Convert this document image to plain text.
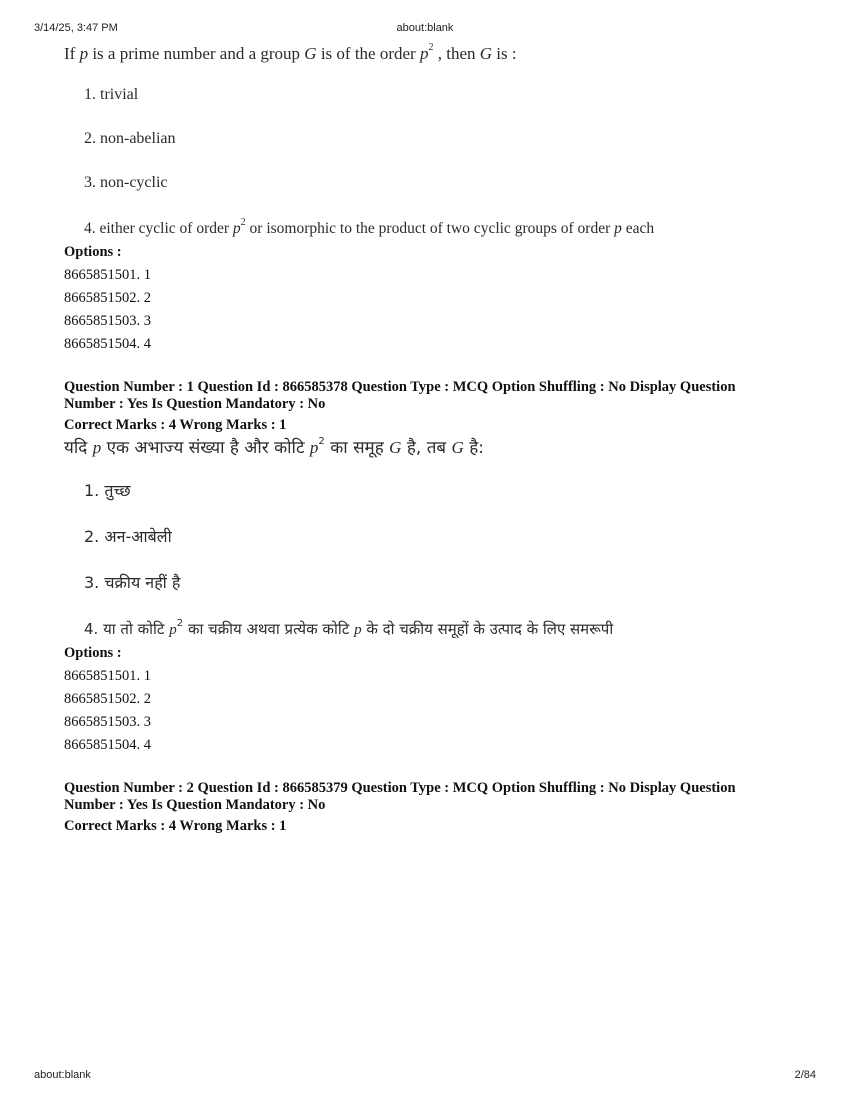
3/14/25, 3:47 PM	about:blank
If p is a prime number and a group G is of the order $p^2$ , then G is :
1. trivial
2. non-abelian
3. non-cyclic
4. either cyclic of order $p^2$ or isomorphic to the product of two cyclic groups of order p each
Options :
8665851501. 1
8665851502. 2
8665851503. 3
8665851504. 4
Question Number : 1 Question Id : 866585378 Question Type : MCQ Option Shuffling : No Display Question
Number : Yes Is Question Mandatory : No
Correct Marks : 4 Wrong Marks : 1
यदि p एक अभाज्य संख्या है और कोटि $p^2$ का समूह G है, तब G है:
1. तुच्छ
2. अन-आबेली
3. चक्रीय नहीं है
4. या तो कोटि $p^2$ का चक्रीय अथवा प्रत्येक कोटि p के दो चक्रीय समूहों के उत्पाद के लिए समरूपी
Options :
8665851501. 1
8665851502. 2
8665851503. 3
8665851504. 4
Question Number : 2 Question Id : 866585379 Question Type : MCQ Option Shuffling : No Display Question
Number : Yes Is Question Mandatory : No
Correct Marks : 4 Wrong Marks : 1
about:blank	2/84
